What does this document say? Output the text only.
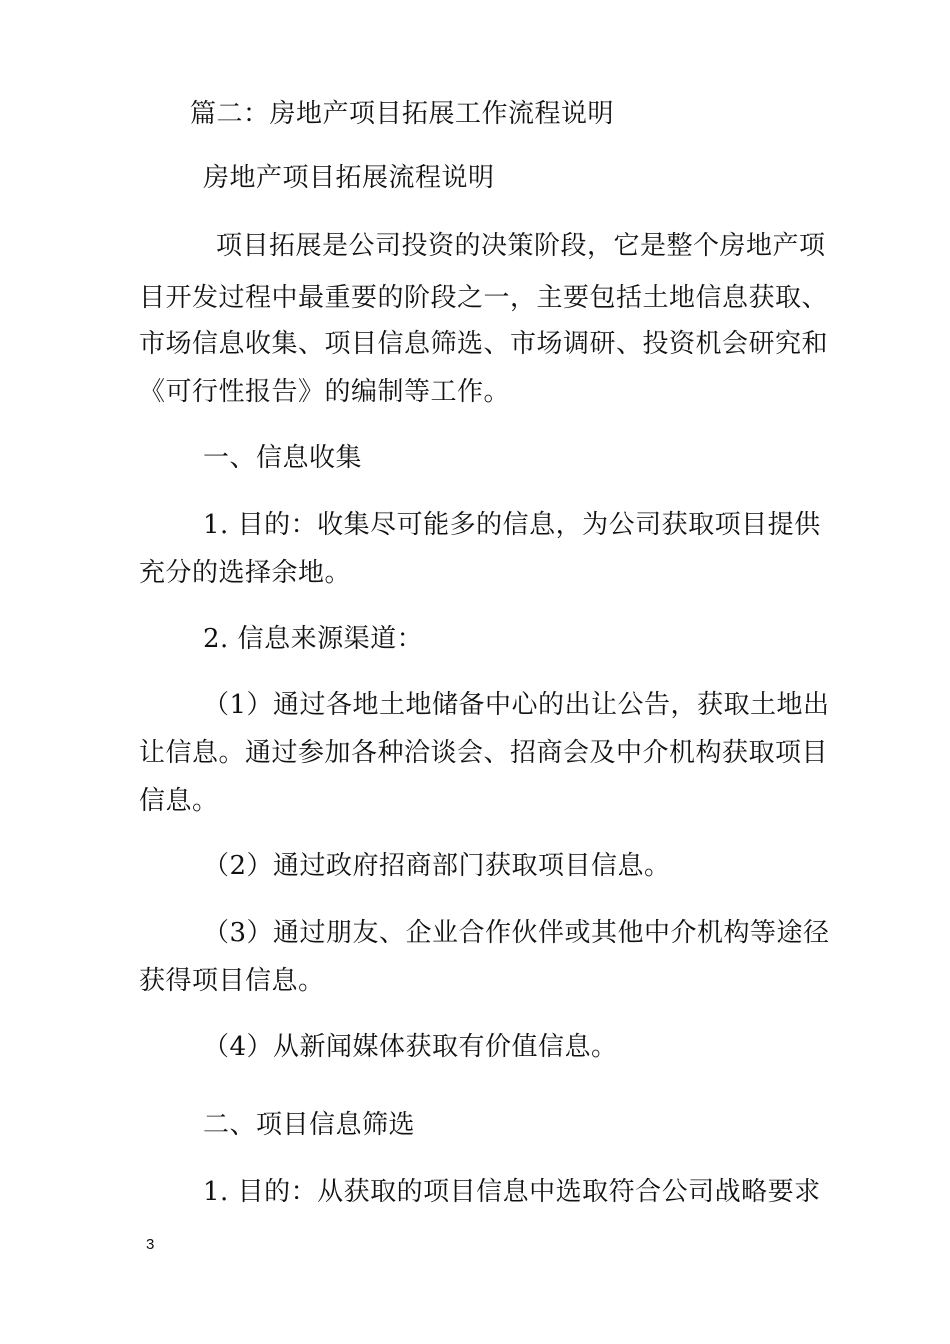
篇二：房地产项目拓展工作流程说明
房地产项目拓展流程说明
项目拓展是公司投资的决策阶段，它是整个房地产项
目开发过程中最重要的阶段之一，主要包括土地信息获取、
市场信息收集、项目信息筛选、市场调研、投资机会研究和
《可行性报告》的编制等工作。
一、信息收集
1. 目的：收集尽可能多的信息，为公司获取项目提供
充分的选择余地。
2. 信息来源渠道：
（1）通过各地土地储备中心的出让公告，获取土地出
让信息。通过参加各种洽谈会、招商会及中介机构获取项目
信息。
（2）通过政府招商部门获取项目信息。
（3）通过朋友、企业合作伙伴或其他中介机构等途径
获得项目信息。
（4）从新闻媒体获取有价值信息。
二、项目信息筛选
1. 目的：从获取的项目信息中选取符合公司战略要求
3
